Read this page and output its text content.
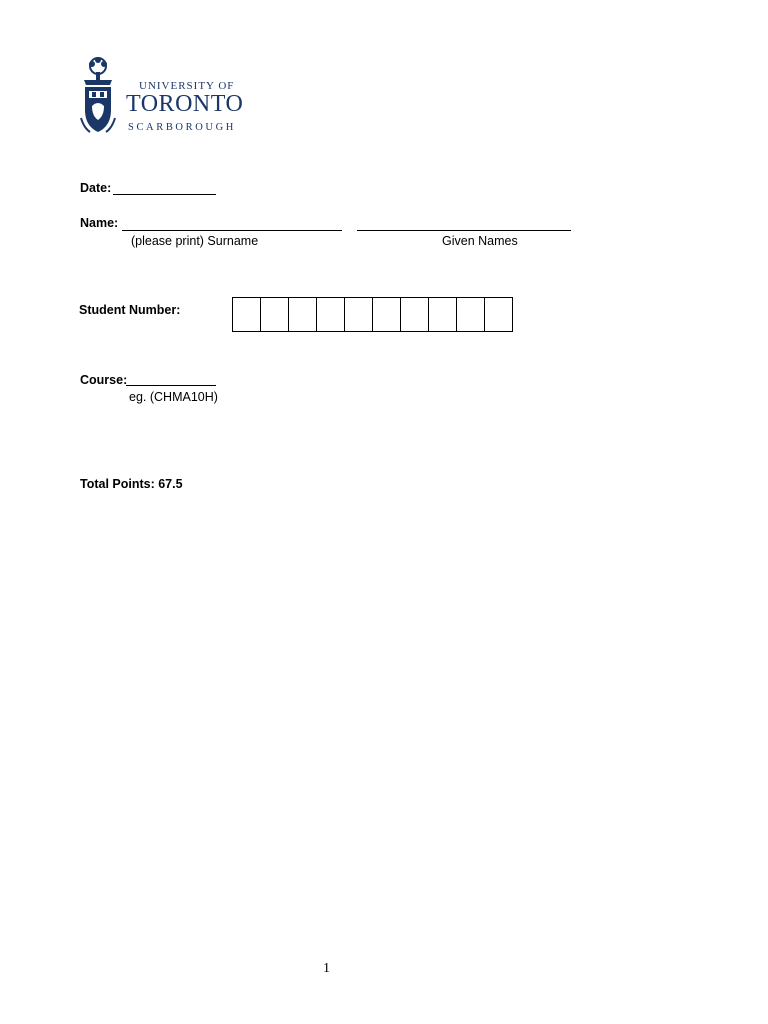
UNIVERSITY OF
TORONTO
SCARBOROUGH
Date:
Name:
(please print) Surname	Given Names
Student Number:
Course:
eg. (CHMA10H)
Total Points: 67.5
1
